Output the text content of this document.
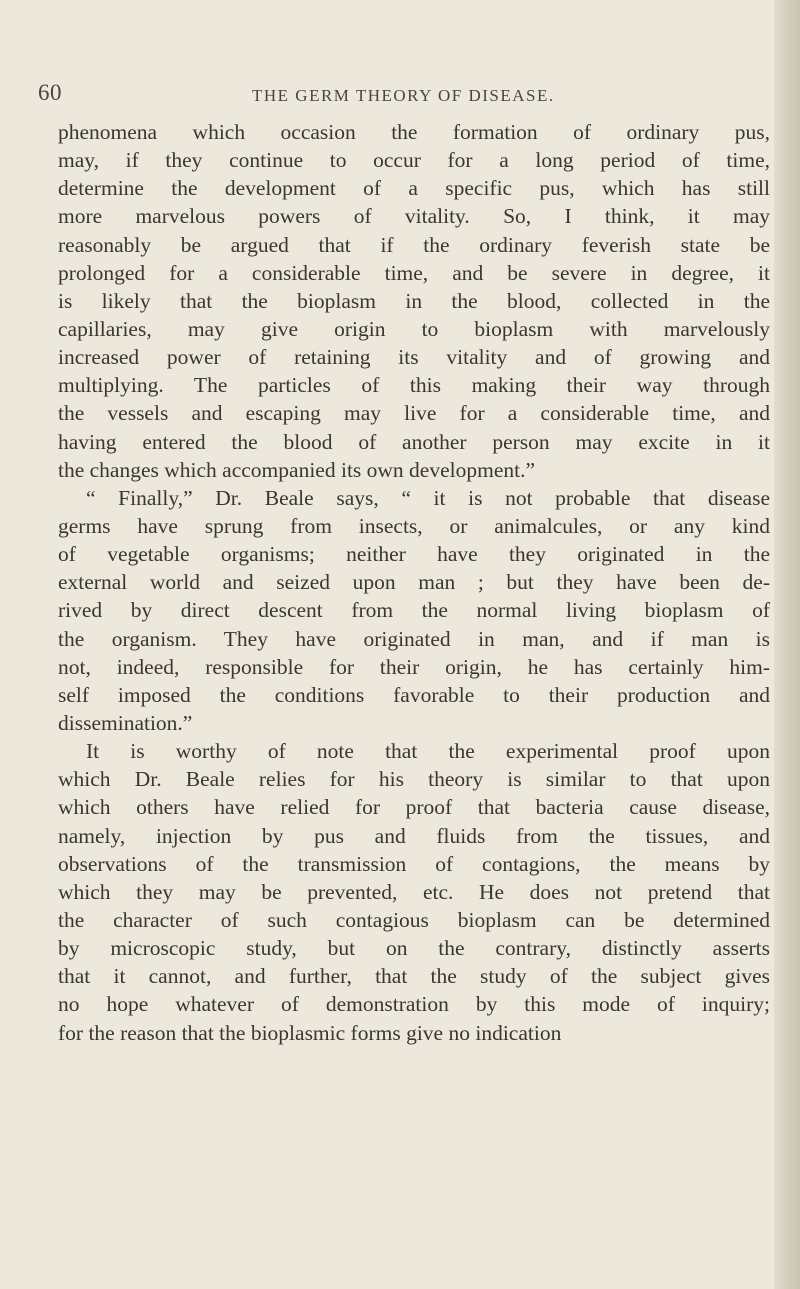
60	THE GERM THEORY OF DISEASE.
phenomena which occasion the formation of ordinary pus,
may, if they continue to occur for a long period of time,
determine the development of a specific pus, which has still
more marvelous powers of vitality. So, I think, it may
reasonably be argued that if the ordinary feverish state be
prolonged for a considerable time, and be severe in degree, it
is likely that the bioplasm in the blood, collected in the
capillaries, may give origin to bioplasm with marvelously
increased power of retaining its vitality and of growing and
multiplying. The particles of this making their way through
the vessels and escaping may live for a considerable time, and
having entered the blood of another person may excite in it
the changes which accompanied its own development.”
“ Finally,” Dr. Beale says, “ it is not probable that disease
germs have sprung from insects, or animalcules, or any kind
of vegetable organisms; neither have they originated in the
external world and seized upon man ; but they have been de-
rived by direct descent from the normal living bioplasm of
the organism. They have originated in man, and if man is
not, indeed, responsible for their origin, he has certainly him-
self imposed the conditions favorable to their production and
dissemination.”
It is worthy of note that the experimental proof upon
which Dr. Beale relies for his theory is similar to that upon
which others have relied for proof that bacteria cause disease,
namely, injection by pus and fluids from the tissues, and
observations of the transmission of contagions, the means by
which they may be prevented, etc. He does not pretend that
the character of such contagious bioplasm can be determined
by microscopic study, but on the contrary, distinctly asserts
that it cannot, and further, that the study of the subject gives
no hope whatever of demonstration by this mode of inquiry;
for the reason that the bioplasmic forms give no indication
